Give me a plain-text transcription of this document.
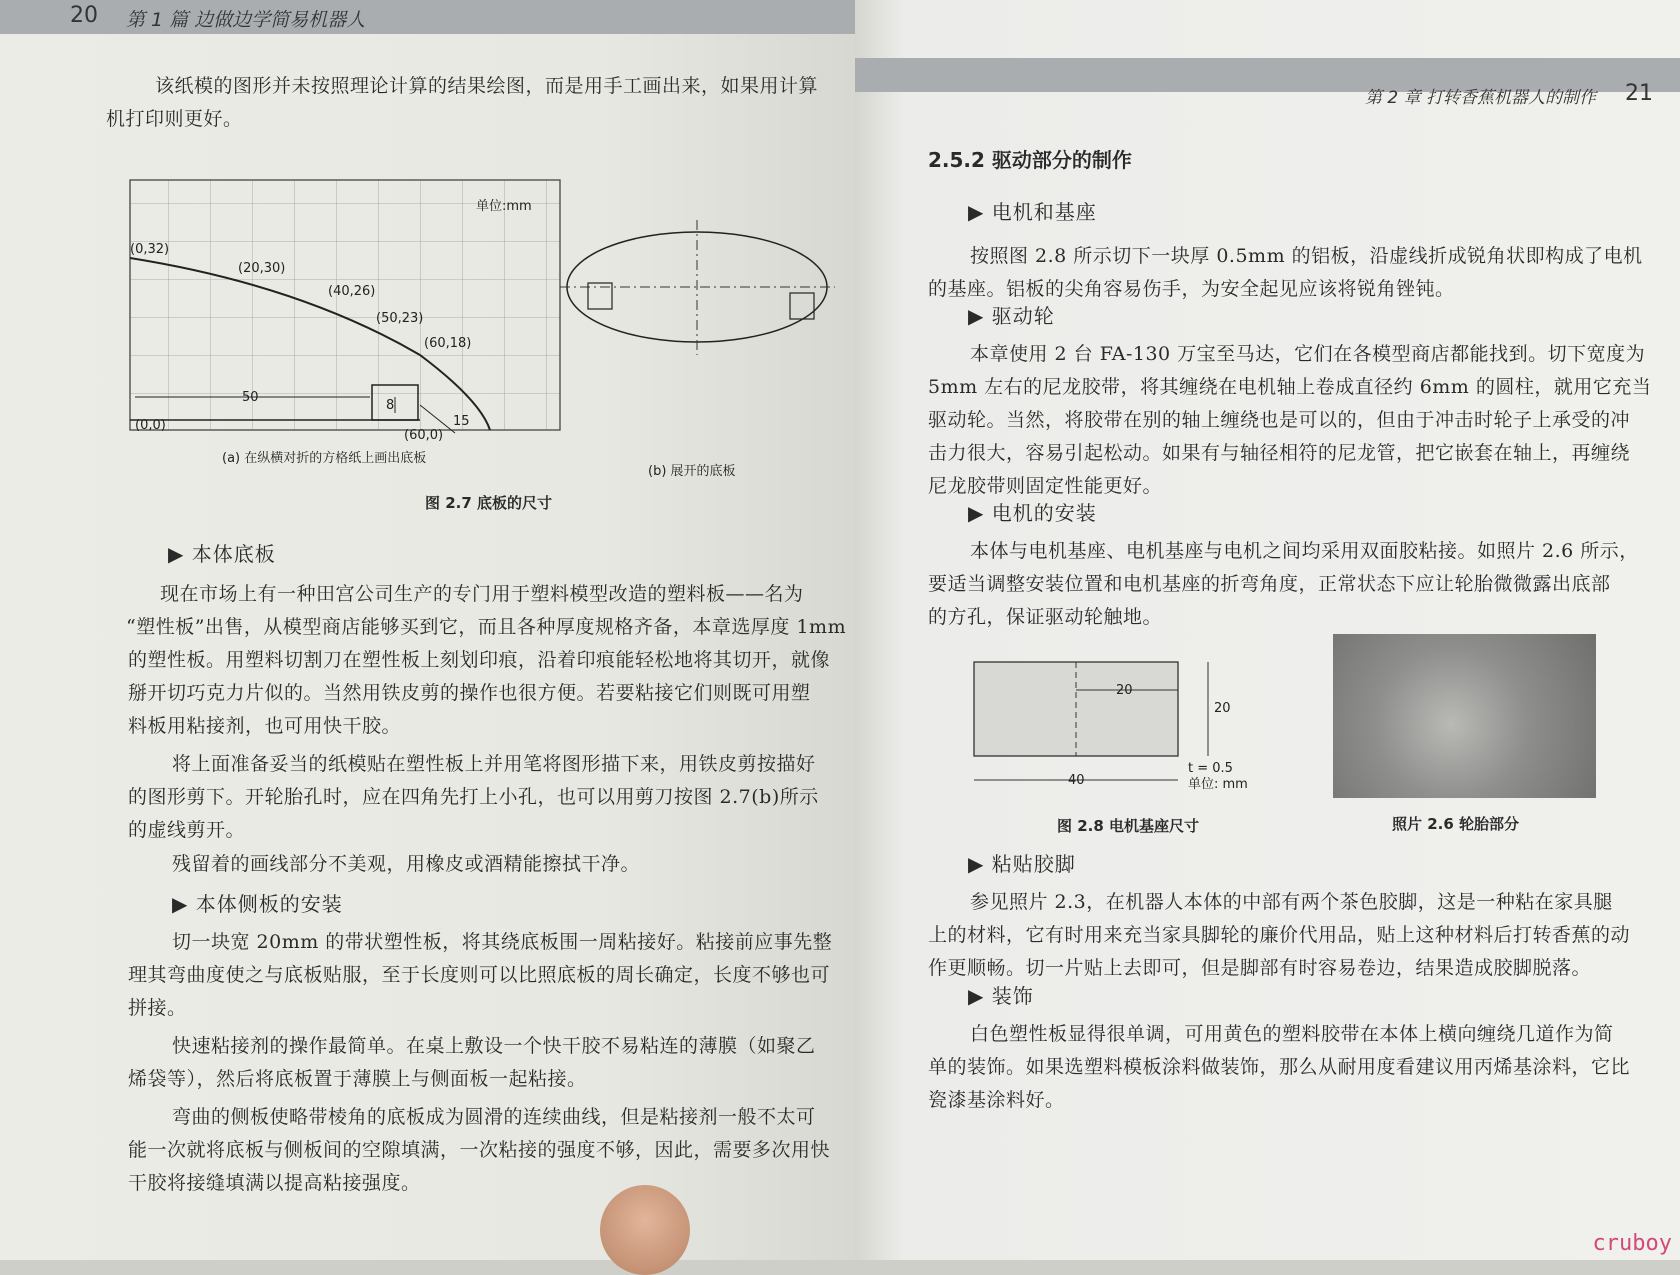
20 第 1 篇 边做边学简易机器人
该纸模的图形并未按照理论计算的结果绘图，而是用手工画出来，如果用计算
机打印则更好。
单位:mm
(0,32)
(20,30)
(40,26)
(50,23)
(60,18)
(0,0)
(60,0)
50
8
15
(a) 在纵横对折的方格纸上画出底板
(b) 展开的底板
图 2.7 底板的尺寸
▶ 本体底板
现在市场上有一种田宫公司生产的专门用于塑料模型改造的塑料板——名为
“塑性板”出售，从模型商店能够买到它，而且各种厚度规格齐备，本章选厚度 1mm
的塑性板。用塑料切割刀在塑性板上刻划印痕，沿着印痕能轻松地将其切开，就像
掰开切巧克力片似的。当然用铁皮剪的操作也很方便。若要粘接它们则既可用塑
料板用粘接剂，也可用快干胶。
将上面准备妥当的纸模贴在塑性板上并用笔将图形描下来，用铁皮剪按描好
的图形剪下。开轮胎孔时，应在四角先打上小孔，也可以用剪刀按图 2.7(b)所示
的虚线剪开。
残留着的画线部分不美观，用橡皮或酒精能擦拭干净。
▶ 本体侧板的安装
切一块宽 20mm 的带状塑性板，将其绕底板围一周粘接好。粘接前应事先整
理其弯曲度使之与底板贴服，至于长度则可以比照底板的周长确定，长度不够也可
拼接。
快速粘接剂的操作最简单。在桌上敷设一个快干胶不易粘连的薄膜（如聚乙
烯袋等），然后将底板置于薄膜上与侧面板一起粘接。
弯曲的侧板使略带棱角的底板成为圆滑的连续曲线，但是粘接剂一般不太可
能一次就将底板与侧板间的空隙填满，一次粘接的强度不够，因此，需要多次用快
干胶将接缝填满以提高粘接强度。
第 2 章 打转香蕉机器人的制作 21
2.5.2 驱动部分的制作
▶ 电机和基座
按照图 2.8 所示切下一块厚 0.5mm 的铝板，沿虚线折成锐角状即构成了电机
的基座。铝板的尖角容易伤手，为安全起见应该将锐角锉钝。
▶ 驱动轮
本章使用 2 台 FA-130 万宝至马达，它们在各模型商店都能找到。切下宽度为
5mm 左右的尼龙胶带，将其缠绕在电机轴上卷成直径约 6mm 的圆柱，就用它充当
驱动轮。当然，将胶带在别的轴上缠绕也是可以的，但由于冲击时轮子上承受的冲
击力很大，容易引起松动。如果有与轴径相符的尼龙管，把它嵌套在轴上，再缠绕
尼龙胶带则固定性能更好。
▶ 电机的安装
本体与电机基座、电机基座与电机之间均采用双面胶粘接。如照片 2.6 所示，
要适当调整安装位置和电机基座的折弯角度，正常状态下应让轮胎微微露出底部
的方孔，保证驱动轮触地。
20
20
40
t = 0.5
单位: mm
图 2.8 电机基座尺寸	照片 2.6 轮胎部分
▶ 粘贴胶脚
参见照片 2.3，在机器人本体的中部有两个茶色胶脚，这是一种粘在家具腿
上的材料，它有时用来充当家具脚轮的廉价代用品，贴上这种材料后打转香蕉的动
作更顺畅。切一片贴上去即可，但是脚部有时容易卷边，结果造成胶脚脱落。
▶ 装饰
白色塑性板显得很单调，可用黄色的塑料胶带在本体上横向缠绕几道作为简
单的装饰。如果选塑料模板涂料做装饰，那么从耐用度看建议用丙烯基涂料，它比
瓷漆基涂料好。
cruboy
